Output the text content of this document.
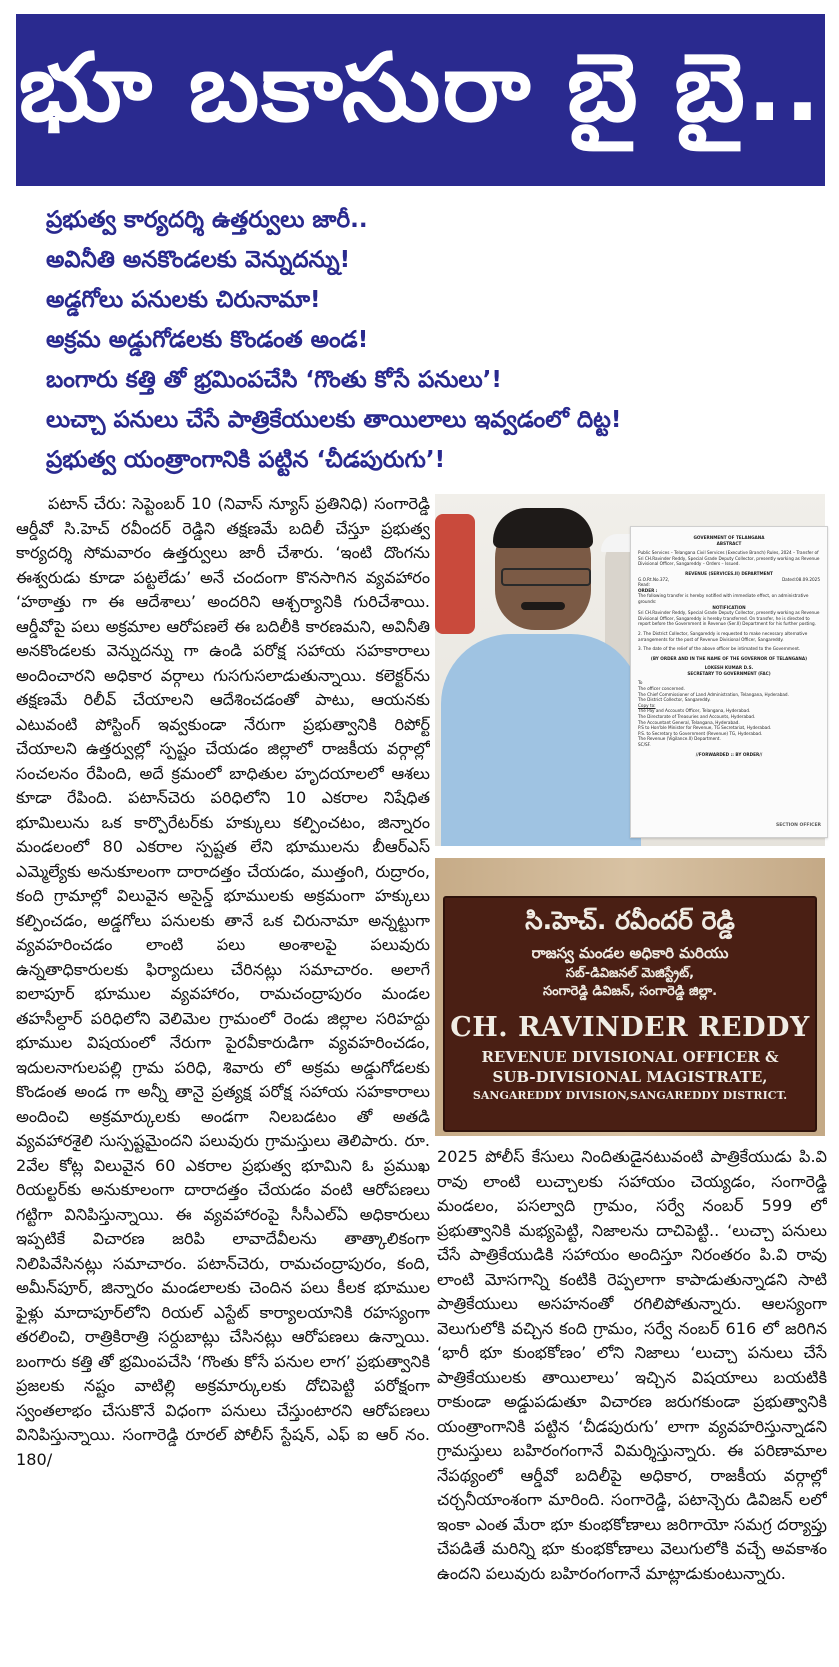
భూ బకాసురా బై బై..
ప్రభుత్వ కార్యదర్శి ఉత్తర్వులు జారీ..
అవినీతి అనకొండలకు వెన్నుదన్ను!
అడ్డగోలు పనులకు చిరునామా!
అక్రమ అడ్డుగోడలకు కొండంత అండ!
బంగారు కత్తి తో భ్రమింపచేసి ‘గొంతు కోసే పనులు’!
లుచ్చా పనులు చేసే పాత్రికేయులకు తాయిలాలు ఇవ్వడంలో దిట్ట!
ప్రభుత్వ యంత్రాంగానికి పట్టిన ‘చీడపురుగు’!
పటాన్ చేరు: సెప్టెంబర్ 10 (నివాస్ న్యూస్ ప్రతినిధి) సంగారెడ్డి ఆర్డీవో సి.హెచ్ రవీందర్ రెడ్డిని తక్షణమే బదిలీ చేస్తూ ప్రభుత్వ కార్యదర్శి సోమవారం ఉత్తర్వులు జారీ చేశారు. ‘ఇంటి దొంగను ఈశ్వరుడు కూడా పట్టలేడు’ అనే చందంగా కొనసాగిన వ్యవహారం ‘హఠాత్తు గా ఈ ఆదేశాలు’ అందరిని ఆశ్చర్యానికి గురిచేశాయి. ఆర్డీవోపై పలు అక్రమాల ఆరోపణలే ఈ బదిలీకి కారణమని, అవినీతి అనకొండలకు వెన్నుదన్ను గా ఉండి పరోక్ష సహాయ సహకారాలు అందించారని అధికార వర్గాలు గుసగుసలాడుతున్నాయి. కలెక్టర్‌ను తక్షణమే రిలీవ్ చేయాలని ఆదేశించడంతో పాటు, ఆయనకు ఎటువంటి పోస్టింగ్ ఇవ్వకుండా నేరుగా ప్రభుత్వానికి రిపోర్ట్ చేయాలని ఉత్తర్వుల్లో స్పష్టం చేయడం జిల్లాలో రాజకీయ వర్గాల్లో సంచలనం రేపింది, అదే క్రమంలో బాధితుల హృదయాలలో ఆశలు కూడా రేపింది. పటాన్‌చెరు పరిధిలోని 10 ఎకరాల నిషేధిత భూమిలును ఒక కార్పొరేటర్‌కు హక్కులు కల్పించటం, జిన్నారం మండలంలో 80 ఎకరాల స్పష్టత లేని భూములను బీఆర్ఎస్ ఎమ్మెల్యేకు అనుకూలంగా దారాదత్తం చేయడం, ముత్తంగి, రుద్రారం, కంది గ్రామాల్లో విలువైన అసైన్డ్ భూములకు అక్రమంగా హక్కులు కల్పించడం, అడ్డగోలు పనులకు తానే ఒక చిరునామా అన్నట్టుగా వ్యవహరించడం లాంటి పలు అంశాలపై పలువురు ఉన్నతాధికారులకు ఫిర్యాదులు చేరినట్లు సమాచారం. అలాగే ఐలాపూర్ భూముల వ్యవహారం, రామచంద్రాపురం మండల తహసీల్దార్ పరిధిలోని వెలిమెల గ్రామంలో రెండు జిల్లాల సరిహద్దు భూముల విషయంలో నేరుగా పైరవీకారుడిగా వ్యవహరించడం, ఇదులనాగులపల్లి గ్రామ పరిధి, శివారు లో అక్రమ అడ్డుగోడలకు కొండంత అండ గా అన్నీ తానై ప్రత్యక్ష పరోక్ష సహాయ సహకారాలు అందించి అక్రమార్కులకు అండగా నిలబడటం తో అతడి వ్యవహారశైలి సుస్పష్టమైందని పలువురు గ్రామస్తులు తెలిపారు. రూ. 2వేల కోట్ల విలువైన 60 ఎకరాల ప్రభుత్వ భూమిని ఓ ప్రముఖ రియల్టర్‌కు అనుకూలంగా దారాదత్తం చేయడం వంటి ఆరోపణలు గట్టిగా వినిపిస్తున్నాయి. ఈ వ్యవహారంపై సీసీఎల్ఏ అధికారులు ఇప్పటికే విచారణ జరిపి లావాదేవీలను తాత్కాలికంగా నిలిపివేసినట్లు సమాచారం. పటాన్‌చెరు, రామచంద్రాపురం, కంది, అమీన్‌పూర్, జిన్నారం మండలాలకు చెందిన పలు కీలక భూముల ఫైళ్లు మాదాపూర్‌లోని రియల్ ఎస్టేట్ కార్యాలయానికి రహస్యంగా తరలించి, రాత్రికిరాత్రి సర్దుబాట్లు చేసినట్లు ఆరోపణలు ఉన్నాయి. బంగారు కత్తి తో భ్రమింపచేసి ‘గొంతు కోసే పనుల లాగ’ ప్రభుత్వానికి ప్రజలకు నష్టం వాటిల్లి అక్రమార్కులకు దోచిపెట్టి పరోక్షంగా స్వంతలాభం చేసుకొనే విధంగా పనులు చేస్తుంటారని ఆరోపణలు వినిపిస్తున్నాయి. సంగారెడ్డి రూరల్ పోలీస్ స్టేషన్, ఎఫ్ ఐ ఆర్ నం. 180/
GOVERNMENT OF TELANGANA
ABSTRACT
Public Services – Telangana Civil Services (Executive Branch) Rules, 2024 – Transfer of Sri CH.Ravinder Reddy, Special Grade Deputy Collector, presently working as Revenue Divisional Officer, Sangareddy – Orders – Issued.
REVENUE (SERVICES.II) DEPARTMENT
G.O.Rt.No.372,	Dated:08.09.2025
Read:
ORDER :
The following transfer is hereby notified with immediate effect, on administrative grounds:
NOTIFICATION
Sri CH.Ravinder Reddy, Special Grade Deputy Collector, presently working as Revenue Divisional Officer, Sangareddy is hereby transferred. On transfer, he is directed to report before the Government in Revenue (Ser.II) Department for his further posting.
2. The District Collector, Sangareddy is requested to make necessary alternative arrangements for the post of Revenue Divisional Officer, Sangareddy.
3. The date of the relief of the above officer be intimated to the Government.
(BY ORDER AND IN THE NAME OF THE GOVERNOR OF TELANGANA)
LOKESH KUMAR D.S.
SECRETARY TO GOVERNMENT (FAC)
To
The officer concerned.
The Chief Commissioner of Land Administration, Telangana, Hyderabad.
The District Collector, Sangareddy.
Copy to:
The Pay and Accounts Officer, Telangana, Hyderabad.
The Directorate of Treasuries and Accounts, Hyderabad.
The Accountant General, Telangana, Hyderabad.
P.S to Hon'ble Minister for Revenue, TG Secretariat, Hyderabad.
P.S. to Secretary to Government (Revenue) TG, Hyderabad.
The Revenue (Vigilance.II) Department.
SC/SF.
//FORWARDED :: BY ORDER//
SECTION OFFICER
సి.హెచ్. రవీందర్ రెడ్డి
రాజస్వ మండల అధికారి మరియు
సబ్-డివిజనల్ మెజిస్ట్రేట్,
సంగారెడ్డి డివిజన్, సంగారెడ్డి జిల్లా.
CH. RAVINDER REDDY
REVENUE DIVISIONAL OFFICER &
SUB-DIVISIONAL MAGISTRATE,
SANGAREDDY DIVISION,SANGAREDDY DISTRICT.
2025 పోలీస్ కేసులు నిందితుడైనటువంటి పాత్రికేయుడు పి.వి రావు లాంటి లుచ్చాలకు సహాయం చెయ్యడం, సంగారెడ్డి మండలం, పసల్వాది గ్రామం, సర్వే నంబర్ 599 లో ప్రభుత్వానికి మభ్యపెట్టి, నిజాలను దాచిపెట్టి.. ‘లుచ్చా పనులు చేసే పాత్రికేయుడికి సహాయం అందిస్తూ నిరంతరం పి.వి రావు లాంటి మోసగాన్ని కంటికి రెప్పలాగా కాపాడుతున్నాడని సాటి పాత్రికేయులు అసహనంతో రగిలిపోతున్నారు. ఆలస్యంగా వెలుగులోకి వచ్చిన కంది గ్రామం, సర్వే నంబర్ 616 లో జరిగిన ‘భారీ భూ కుంభకోణం’ లోని నిజాలు ‘లుచ్చా పనులు చేసే పాత్రికేయులకు తాయిలాలు’ ఇచ్చిన విషయాలు బయటికి రాకుండా అడ్డుపడుతూ విచారణ జరుగకుండా ప్రభుత్వానికి యంత్రాంగానికి పట్టిన ‘చీడపురుగు’ లాగా వ్యవహరిస్తున్నాడని గ్రామస్తులు బహిరంగంగానే విమర్శిస్తున్నారు. ఈ పరిణామాల నేపథ్యంలో ఆర్డీవో బదిలీపై అధికార, రాజకీయ వర్గాల్లో చర్చనీయాంశంగా మారింది. సంగారెడ్డి, పటాన్చెరు డివిజన్ లలో ఇంకా ఎంత మేరా భూ కుంభకోణాలు జరిగాయో సమగ్ర దర్యాప్తు చేపడితే మరిన్ని భూ కుంభకోణాలు వెలుగులోకి వచ్చే అవకాశం ఉందని పలువురు బహిరంగంగానే మాట్లాడుకుంటున్నారు.
